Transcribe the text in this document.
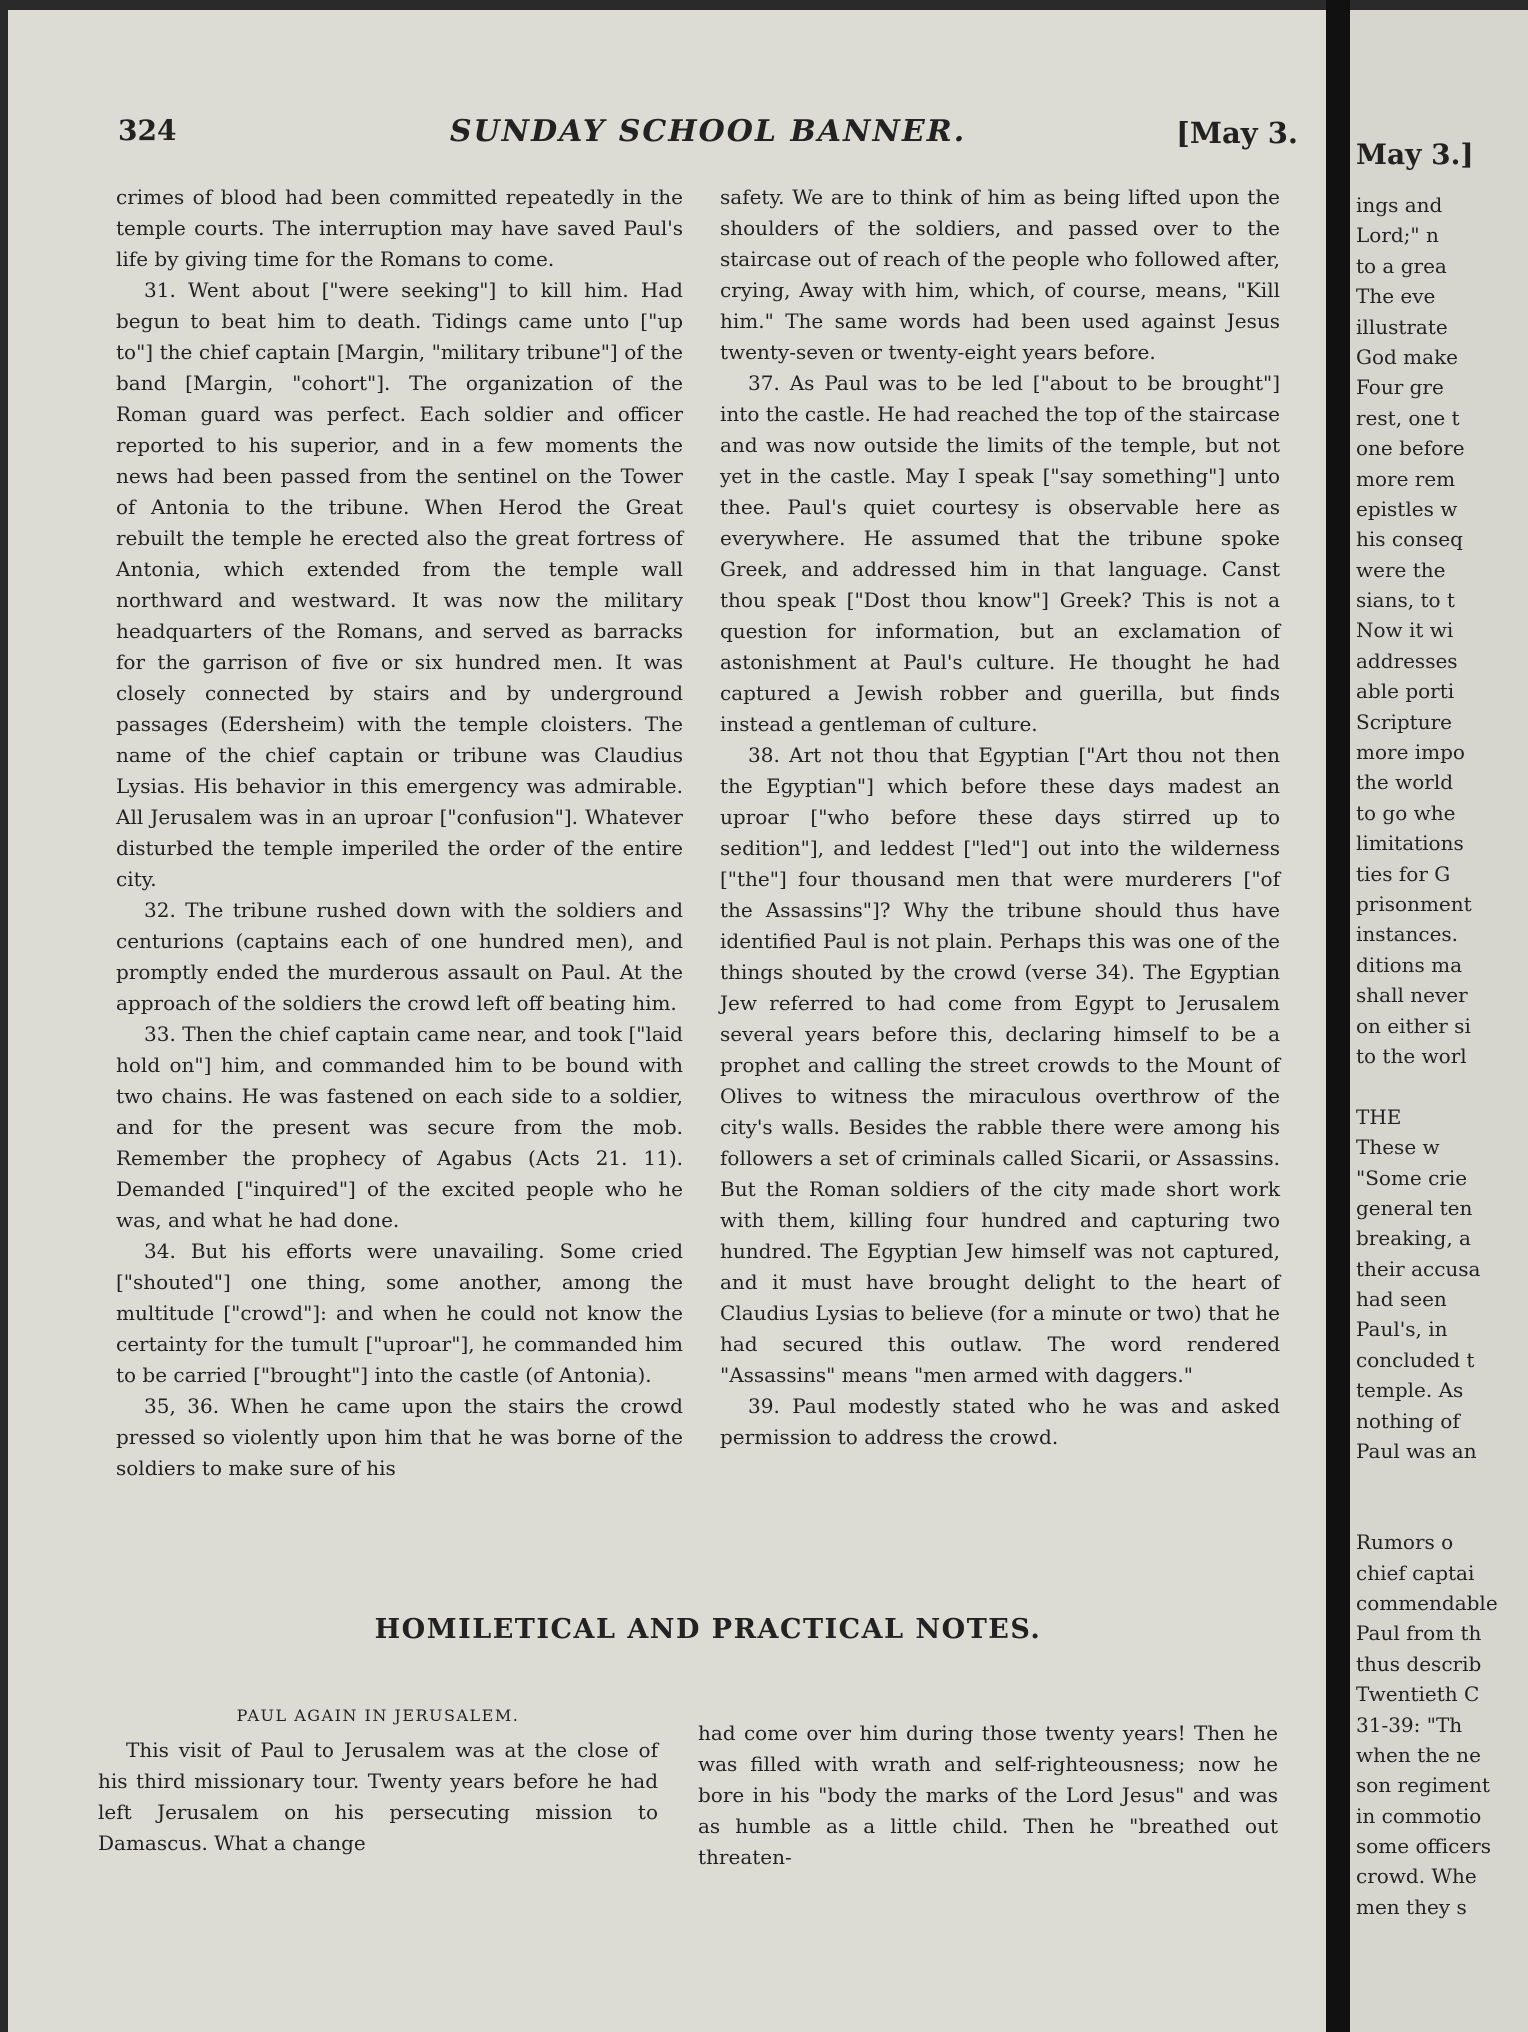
324	SUNDAY SCHOOL BANNER.	[May 3.

crimes of blood had been committed repeatedly in the temple courts. The interruption may have saved Paul's life by giving time for the Romans to come.

31. Went about ["were seeking"] to kill him. Had begun to beat him to death. Tidings came unto ["up to"] the chief captain [Margin, "military tribune"] of the band [Margin, "cohort"]. The organization of the Roman guard was perfect. Each soldier and officer reported to his superior, and in a few moments the news had been passed from the sentinel on the Tower of Antonia to the tribune. When Herod the Great rebuilt the temple he erected also the great fortress of Antonia, which extended from the temple wall northward and westward. It was now the military headquarters of the Romans, and served as barracks for the garrison of five or six hundred men. It was closely connected by stairs and by underground passages (Edersheim) with the temple cloisters. The name of the chief captain or tribune was Claudius Lysias. His behavior in this emergency was admirable. All Jerusalem was in an uproar ["confusion"]. Whatever disturbed the temple imperiled the order of the entire city.

32. The tribune rushed down with the soldiers and centurions (captains each of one hundred men), and promptly ended the murderous assault on Paul. At the approach of the soldiers the crowd left off beating him.

33. Then the chief captain came near, and took ["laid hold on"] him, and commanded him to be bound with two chains. He was fastened on each side to a soldier, and for the present was secure from the mob. Remember the prophecy of Agabus (Acts 21. 11). Demanded ["inquired"] of the excited people who he was, and what he had done.

34. But his efforts were unavailing. Some cried ["shouted"] one thing, some another, among the multitude ["crowd"]: and when he could not know the certainty for the tumult ["uproar"], he commanded him to be carried ["brought"] into the castle (of Antonia).

35, 36. When he came upon the stairs the crowd pressed so violently upon him that he was borne of the soldiers to make sure of his

safety. We are to think of him as being lifted upon the shoulders of the soldiers, and passed over to the staircase out of reach of the people who followed after, crying, Away with him, which, of course, means, "Kill him." The same words had been used against Jesus twenty-seven or twenty-eight years before.

37. As Paul was to be led ["about to be brought"] into the castle. He had reached the top of the staircase and was now outside the limits of the temple, but not yet in the castle. May I speak ["say something"] unto thee. Paul's quiet courtesy is observable here as everywhere. He assumed that the tribune spoke Greek, and addressed him in that language. Canst thou speak ["Dost thou know"] Greek? This is not a question for information, but an exclamation of astonishment at Paul's culture. He thought he had captured a Jewish robber and guerilla, but finds instead a gentleman of culture.

38. Art not thou that Egyptian ["Art thou not then the Egyptian"] which before these days madest an uproar ["who before these days stirred up to sedition"], and leddest ["led"] out into the wilderness ["the"] four thousand men that were murderers ["of the Assassins"]? Why the tribune should thus have identified Paul is not plain. Perhaps this was one of the things shouted by the crowd (verse 34). The Egyptian Jew referred to had come from Egypt to Jerusalem several years before this, declaring himself to be a prophet and calling the street crowds to the Mount of Olives to witness the miraculous overthrow of the city's walls. Besides the rabble there were among his followers a set of criminals called Sicarii, or Assassins. But the Roman soldiers of the city made short work with them, killing four hundred and capturing two hundred. The Egyptian Jew himself was not captured, and it must have brought delight to the heart of Claudius Lysias to believe (for a minute or two) that he had secured this outlaw. The word rendered "Assassins" means "men armed with daggers."

39. Paul modestly stated who he was and asked permission to address the crowd.

HOMILETICAL AND PRACTICAL NOTES.
PAUL AGAIN IN JERUSALEM.

This visit of Paul to Jerusalem was at the close of his third missionary tour. Twenty years before he had left Jerusalem on his persecuting mission to Damascus. What a change

had come over him during those twenty years! Then he was filled with wrath and self-righteousness; now he bore in his "body the marks of the Lord Jesus" and was as humble as a little child. Then he "breathed out threaten-

May 3.]
ings and
Lord;" n
to a grea
The eve
illustrate
God make
Four gre
rest, one t
one before
more rem
epistles w
his conseq
were the
sians, to t
Now it wi
addresses
able porti
Scripture
more impo
the world
to go whe
limitations
ties for G
prisonment
instances.
ditions ma
shall never
on either si
to the worl

THE
These w
"Some crie
general ten
breaking, a
their accusa
had seen
Paul's, in
concluded t
temple. As
nothing of
Paul was an

Rumors o
chief captai
commendable
Paul from th
thus describ
Twentieth C
31-39: "Th
when the ne
son regiment
in commotio
some officers
crowd. Whe
men they s
